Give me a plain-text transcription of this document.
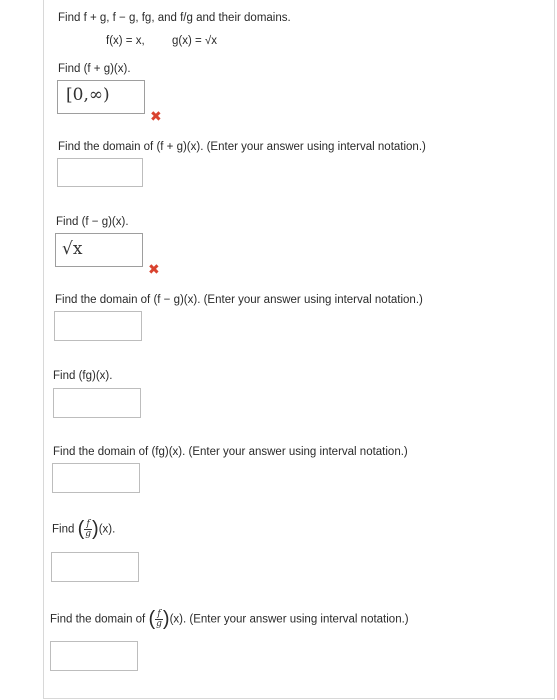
Find f + g, f − g, fg, and f/g and their domains.
f(x) = x, g(x) = √x
Find (f + g)(x).
[0,∞)
✖
Find the domain of (f + g)(x). (Enter your answer using interval notation.)
Find (f − g)(x).
√x
✖
Find the domain of (f − g)(x). (Enter your answer using interval notation.)
Find (fg)(x).
Find the domain of (fg)(x). (Enter your answer using interval notation.)
Find ( $\frac{f}{g} )(x)$.
Find the domain of ( $\frac{f}{g} )(x)$. (Enter your answer using interval notation.)
